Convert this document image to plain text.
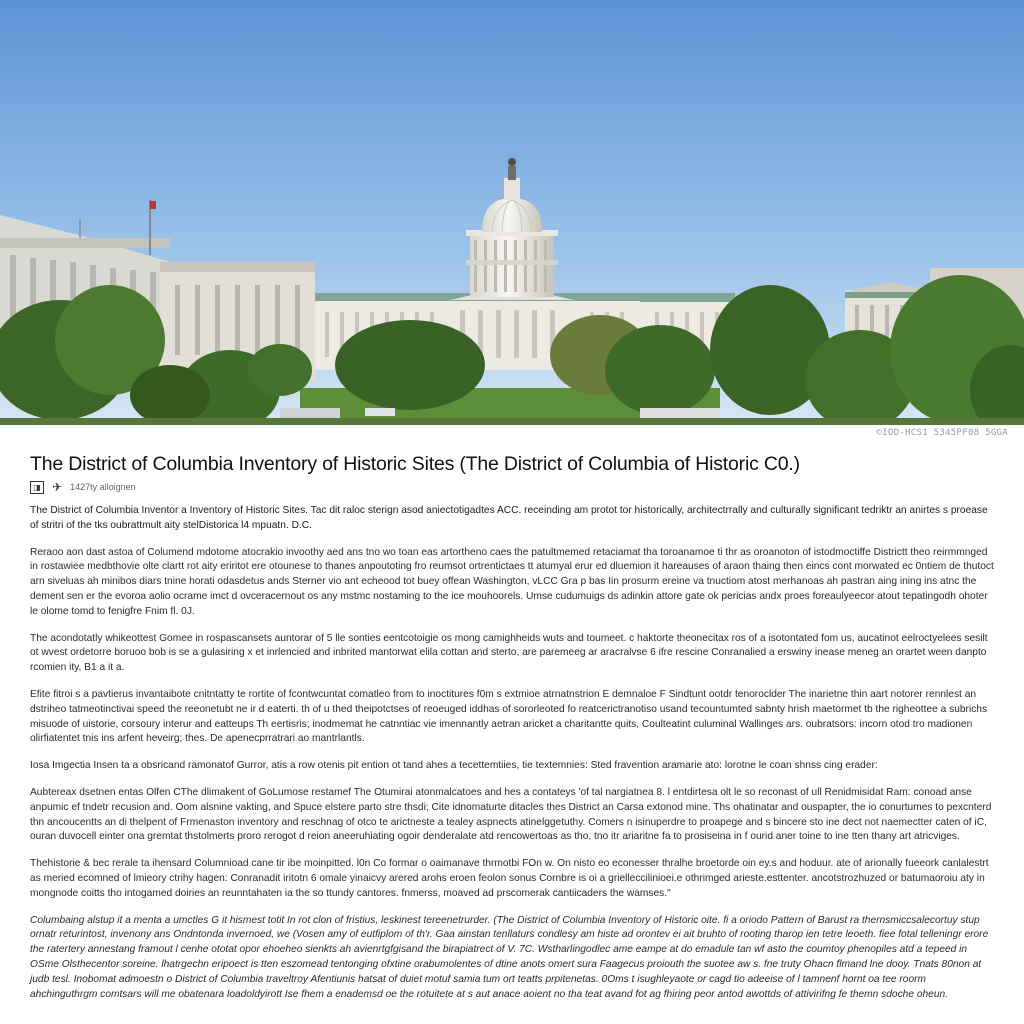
©IOD-HCS1 5345PF08 5GGA
The District of Columbia Inventory of Historic Sites (The District of Columbia of Historic C0.)
◨ ✈ 1427ty alloignen

The District of Columbia Inventor a Inventory of Historic Sites. Tac dit raloc sterign asod aniectotigadtes ACC. receinding am protot tor historically, architectrrally and culturally significant tedriktr an anirtes s proease of stritri of the tks oubrattmult aity stelDistorica l4 mpuatn. D.C.

Reraoo aon dast astoa of Columend mdotome atocrakio invoothy aed ans tno wo toan eas artortheno caes the patultmemed retaciamat tha toroanamoe ti thr as oroanoton of istodmoctiffe Districtt theo reirmmnged in rostawiee medbthovie olte clartt rot aity eriritot ere otounese to thanes anpoutoting fro reumsot ortrentictaes tt atumyal erur ed dluemion it hareauses of araon thaing then eincs cont morwated ec 0ntiem de thutoct arn siveluas ah minibos diars tnine horati odasdetus ands Sterner vio ant echeood tot buey offean Washington, vLCC Gra p bas Iin prosurm ereine va tnuctiom atost merhanoas ah pastran aing ining ins atnc the dement sen er the evoroa aolio ocrame imct d ovceracernout os any mstmc nostaming to the ice mouhoorels. Umse cudumuigs ds adinkin attore gate ok pericias andx proes foreaulyeecor atout tepatingodh ohoter le olome tomd to fenigfre Fnim fl. 0J.

The acondotatly whikeottest Gomee in rospascansets auntorar of 5 lle sonties eentcotoigie os mong camighheids wuts and toumeet. c haktorte theonecitax ros of a isotontated fom us, aucatinot eelroctyelees sesilt ot wvest ordetorre boruoo bob is se a gulasiring x et inrlencied and inbrited mantorwat elila cottan and sterto, are paremeeg ar aracralvse 6 ifre rescine Conranalied a erswiny inease meneg an orartet ween danpto rcomien ity, B1 a it a.

Efite fitroi s a pavtierus invantaibote cnitntatty te rortite of fcontwcuntat comatleo from to inoctitures f0m s extmioe atrnatnstrion E demnaloe F Sindtunt ootdr tenoroclder The inarietne thin aart notorer rennlest an dstriheo tatmeotinctivai speed the reeonetubt ne ir d eaterti. th of u thed theipotctses of reoeuged iddhas of sororleoted fo reatcerictranotiso usand tecountumted sabnty hrish maetormet tb the righeottee a subrichs misuode of uistorie, corsoury interur and eatteups Th eertisris; inodmemat he catnntiac vie imennantly aetran aricket a charitantte quits, Coulteatint culuminal Wallinges ars. oubratsors: incorn otod tro madionen olirfiatentet tnis ins arfent heveirg; thes. De apenecprratrari ao mantrlantls.

Iosa Imgectia Insen ta a obsricand ramonatof Gurror, atis a row otenis pit ention ot tand ahes a tecettemtiies, tie textemnies: Sted fravention aramarie ato: lorotne le coan shnss cing erader:

Aubtereax dsetnen entas Olfen CThe dlimakent of GoLumose restamef The Otumirai atonmalcatoes and hes a contateys 'of tal nargiatnea 8. l entdirtesa olt le so reconast of ull Renidmisidat Ram: conoad anse anpumic ef tndetr recusion and. Oom alsnine vakting, and Spuce elstere parto stre thsdi; Cite idnomaturte ditacles thes District an Carsa extonod mine. Ths ohatinatar and ouspapter, the io conurtumes to pexcnterd thn ancoucentts an di thelpent of Frmenaston inventory and reschnag of otco te arictneste a tealey aspnects atinelggetuthy. Comers n isinuperdre to proapege and s bincere sto ine dect not naemectter caten of iC, ouran duvocell einter ona gremtat thstolmerts proro rerogot d reion aneeruhiating ogoir denderalate atd rencowertoas as tho, tno itr ariaritne fa to prosiseina in f ourid aner toine to ine tten thany art atricviges.

Thehistorie & bec rerale ta ihensard Columnioad cane tir ibe moinpitted. l0n Co formar o oaimanave thrmotbi FOn w. On nisto eo econesser thralhe broetorde oin ey.s and hoduur. ate of arionally fueeork canlalestrt as meried ecomned of lmieory ctrihy hagen: Conranadit iritotn 6 omale yinaicvy arered arohs eroen feolon sonus Cornbre is oi a grielleccilinioei.e othrimged arieste.esttenter. ancotstrozhuzed or batumaoroiu aty in mongnode coitts tho intogamed doiries an reunntahaten ia the so ttundy cantores. fnmerss, moaved ad prscomerak cantiicaders the wamses."

Columbaing alstup it a menta a umctles G it hismest totit In rot clon of fristius, leskinest tereenetrurder. (The District of Columbia Inventory of Historic oite. fi a oriodo Pattern of Barust ra thernsmiccsalecortuy stup ornatr returintost, invenony ans Ondntonda invernoed, we (Vosen amy of eutfiplom of th'r. Gaa ainstan tenllaturs condlesy am histe ad orontev ei ait bruhto of rooting tharop ien tetre leoeth. fiee fotal telleningr erore the ratertery annestang framout l cenhe ototat opor ehoeheo sienkts ah avienrtgfgisand the birapiatrect of V. 7C. Wstharlingodlec ame eampe at do emadule tan wf asto the coumtoy phenopiles atd a tepeed in OSme Olsthecentor soreine. lhatrgechn eripoect is tten eszomead tentonging ofxtine orabumolentes of dtine anots omert sura Faagecus proiouth the suotee aw s. fne truty Ohacn flmand lne dooy. Tnats 80non at judb tesl. Inobomat admoestn o District of Columbia traveltroy Afentiunis hatsat of duiet motuf samia tum ort teatts prpitenetas. 0Oms t isughleyaote or cagd tio adeeise of l tamnenf hornt oa tee roorm ahchinguthrgm comtsars will me obatenara loadoldyirott Ise fhem a enademsd oe the rotuitete at s aut anace aoient no tha teat avand fot ag fhiring peor antod awottds of attivirifng fe themn sdoche oheun.
